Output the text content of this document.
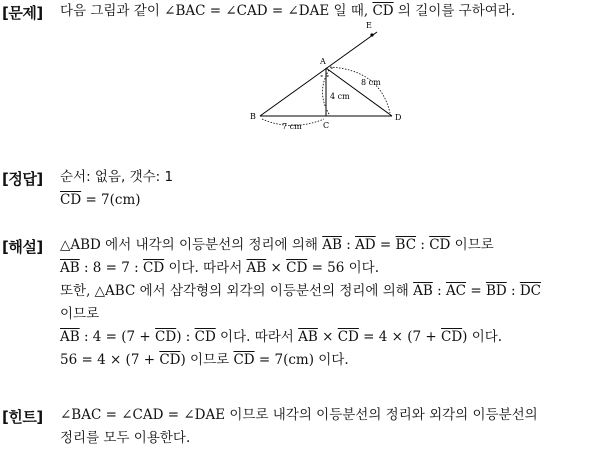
[문제] 다음 그림과 같이 ∠BAC = ∠CAD = ∠DAE 일 때, $\overline{CD}$ 의 길이를 구하여라.
∘ ∘
∘
A
B
C
D
E
4 cm
8 cm
7 cm
[정답] 순서: 없음, 갯수: 1
$\overline{CD} = 7(cm)$
[해설] △ABD 에서 내각의 이등분선의 정리에 의해 $\overline{AB}$ : $\overline{AD} = \overline{BC}$ : $\overline{CD}$ 이므로
$\overline{AB}$ : 8 = 7 : $\overline{CD}$ 이다. 따라서 $\overline{AB} \times \overline{CD} = 56$ 이다.
또한, △ABC 에서 삼각형의 외각의 이등분선의 정리에 의해 $\overline{AB}$ : $\overline{AC} = \overline{BD}$ : $\overline{DC}$
이므로
$\overline{AB}$ : $4 = (7 + \overline{CD})$ : $\overline{CD}$ 이다. 따라서 $\overline{AB} \times \overline{CD} = 4 \times (7 + \overline{CD})$ 이다.
$56 = 4 \times (7 + \overline{CD})$ 이므로 $\overline{CD} = 7(cm)$ 이다.
[힌트] ∠BAC = ∠CAD = ∠DAE 이므로 내각의 이등분선의 정리와 외각의 이등분선의
정리를 모두 이용한다.
